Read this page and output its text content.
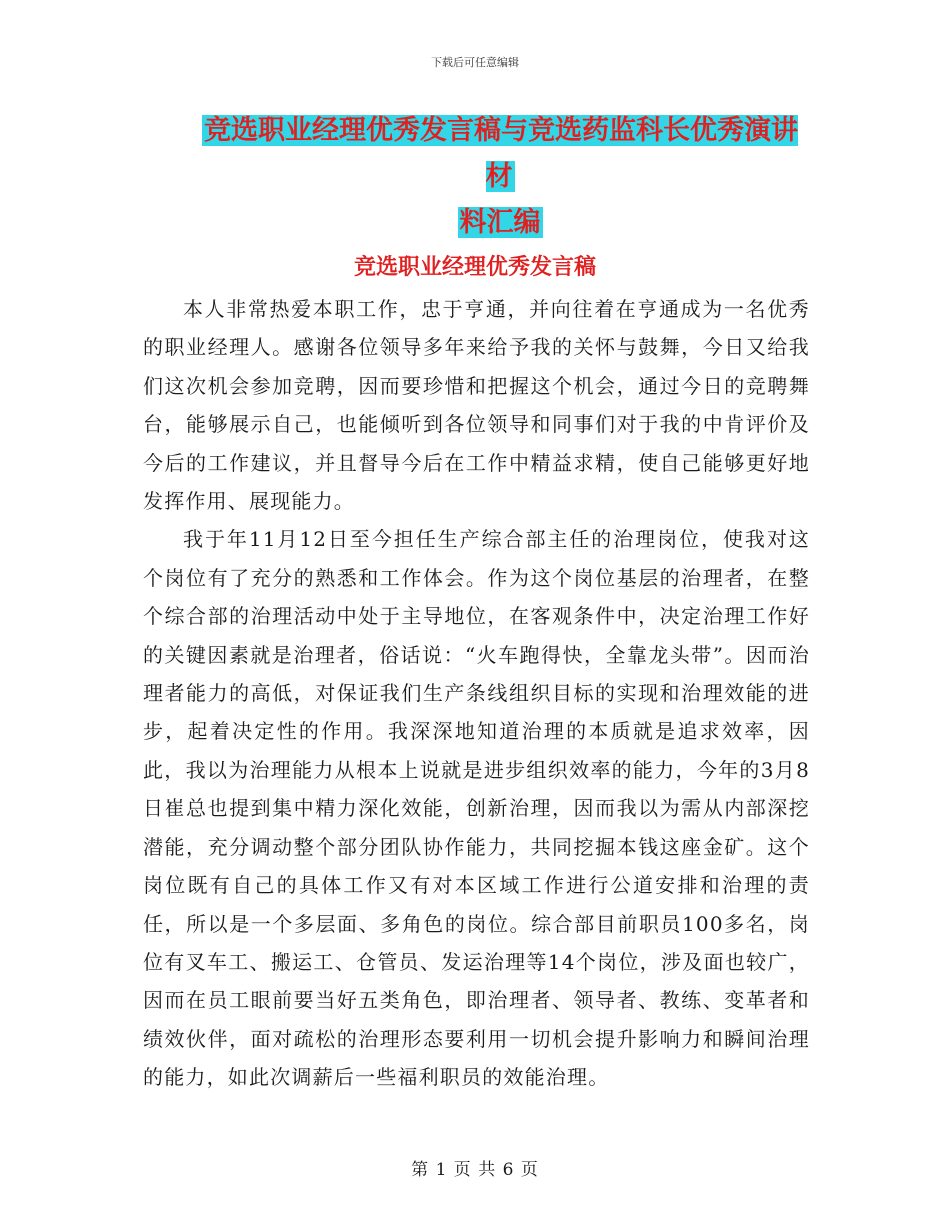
下载后可任意编辑
竞选职业经理优秀发言稿与竞选药监科长优秀演讲材
料汇编
竞选职业经理优秀发言稿

本人非常热爱本职工作，忠于亨通，并向往着在亨通成为一名优秀的职业经理人。感谢各位领导多年来给予我的关怀与鼓舞，今日又给我们这次机会参加竞聘，因而要珍惜和把握这个机会，通过今日的竞聘舞台，能够展示自己，也能倾听到各位领导和同事们对于我的中肯评价及今后的工作建议，并且督导今后在工作中精益求精，使自己能够更好地发挥作用、展现能力。

我于年11月12日至今担任生产综合部主任的治理岗位，使我对这个岗位有了充分的熟悉和工作体会。作为这个岗位基层的治理者，在整个综合部的治理活动中处于主导地位，在客观条件中，决定治理工作好的关键因素就是治理者，俗话说：“火车跑得快，全靠龙头带”。因而治理者能力的高低，对保证我们生产条线组织目标的实现和治理效能的进步，起着决定性的作用。我深深地知道治理的本质就是追求效率，因此，我以为治理能力从根本上说就是进步组织效率的能力，今年的3月8日崔总也提到集中精力深化效能，创新治理，因而我以为需从内部深挖潜能，充分调动整个部分团队协作能力，共同挖掘本钱这座金矿。这个岗位既有自己的具体工作又有对本区域工作进行公道安排和治理的责任，所以是一个多层面、多角色的岗位。综合部目前职员100多名，岗位有叉车工、搬运工、仓管员、发运治理等14个岗位，涉及面也较广，因而在员工眼前要当好五类角色，即治理者、领导者、教练、变革者和绩效伙伴，面对疏松的治理形态要利用一切机会提升影响力和瞬间治理的能力，如此次调薪后一些福利职员的效能治理。

第 1 页 共 6 页
